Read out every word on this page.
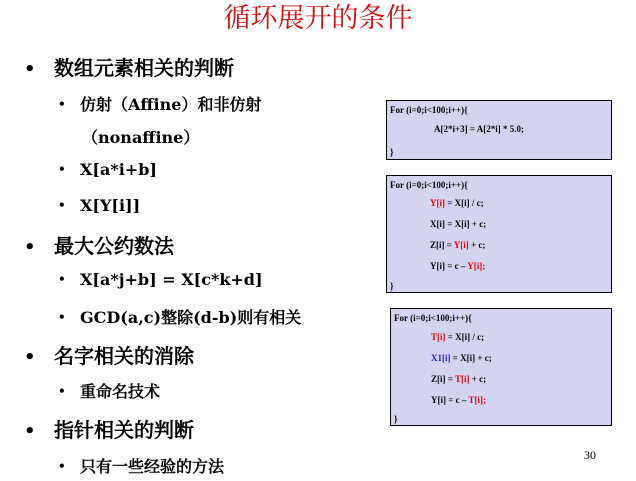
循环展开的条件
• 数组元素相关的判断
• 仿射（Affine）和非仿射
（nonaffine）
• X[a*i+b]
• X[Y[i]]
• 最大公约数法
• X[a*j+b] = X[c*k+d]
• GCD(a,c)整除(d-b)则有相关
• 名字相关的消除
• 重命名技术
• 指针相关的判断
• 只有一些经验的方法
For (i=0;i<100;i++){
A[2*i+3] = A[2*i] * 5.0;
}
For (i=0;i<100;i++){
Y[i] = X[i] / c;
X[i] = X[i] + c;
Z[i] = Y[i] + c;
Y[i] = c – Y[i];
}
For (i=0;i<100;i++){
T[i] = X[i] / c;
X1[i] = X[i] + c;
Z[i] = T[i] + c;
Y[i] = c – T[i];
}
30
